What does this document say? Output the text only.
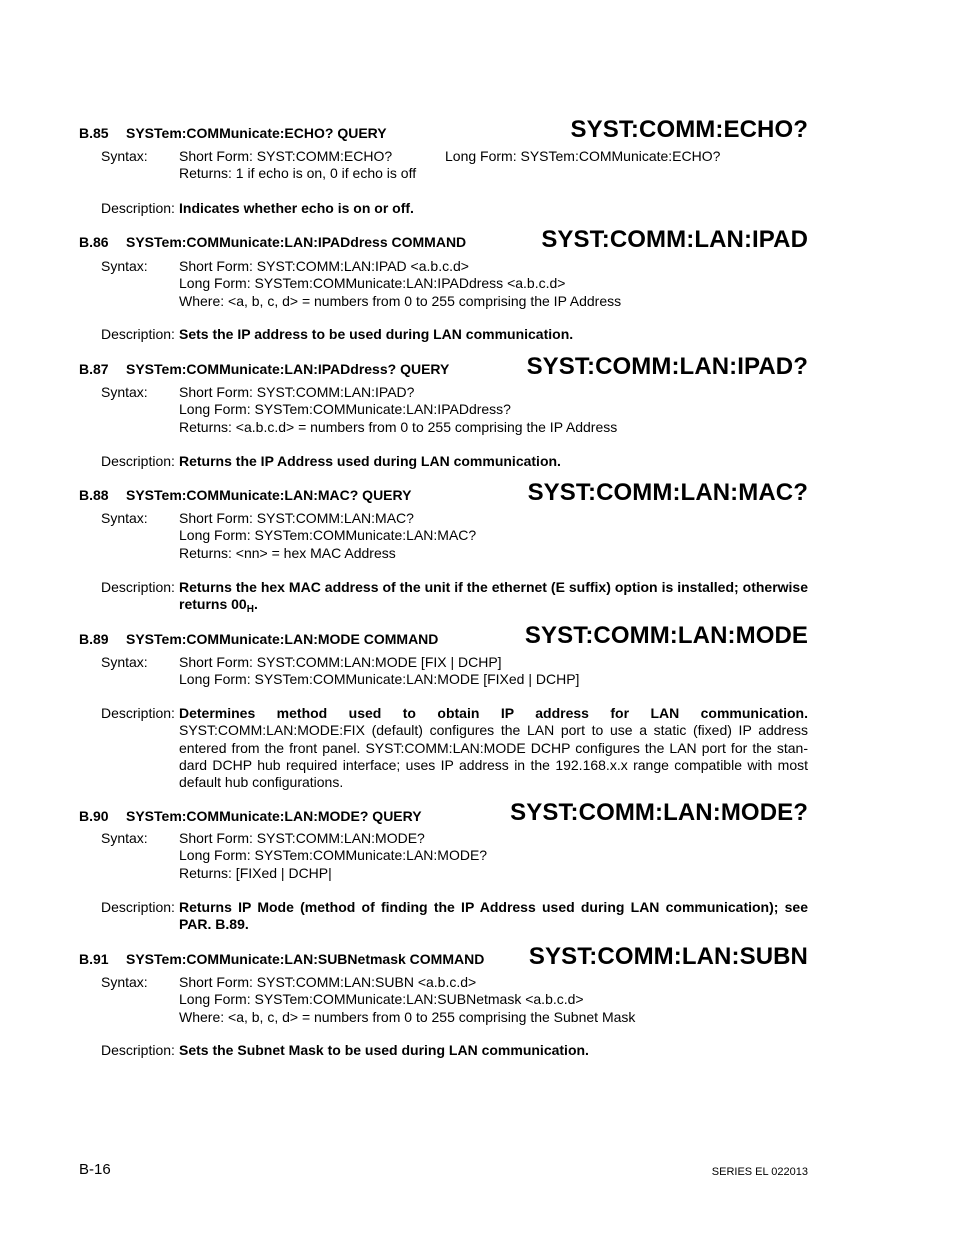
B.85 SYSTem:COMMunicate:ECHO? QUERY	SYST:COMM:ECHO?
Syntax: Short Form: SYST:COMM:ECHO?
Returns: 1 if echo is on, 0 if echo is off
Long Form: SYSTem:COMMunicate:ECHO?
Description: Indicates whether echo is on or off.
B.86 SYSTem:COMMunicate:LAN:IPADdress COMMAND	SYST:COMM:LAN:IPAD
Syntax: Short Form: SYST:COMM:LAN:IPAD <a.b.c.d>
Long Form: SYSTem:COMMunicate:LAN:IPADdress <a.b.c.d>
Where: <a, b, c, d> = numbers from 0 to 255 comprising the IP Address
Description: Sets the IP address to be used during LAN communication.
B.87 SYSTem:COMMunicate:LAN:IPADdress? QUERY	SYST:COMM:LAN:IPAD?
Syntax: Short Form: SYST:COMM:LAN:IPAD?
Long Form: SYSTem:COMMunicate:LAN:IPADdress?
Returns: <a.b.c.d> = numbers from 0 to 255 comprising the IP Address
Description: Returns the IP Address used during LAN communication.
B.88 SYSTem:COMMunicate:LAN:MAC? QUERY	SYST:COMM:LAN:MAC?
Syntax: Short Form: SYST:COMM:LAN:MAC?
Long Form: SYSTem:COMMunicate:LAN:MAC?
Returns: <nn> = hex MAC Address
Description: Returns the hex MAC address of the unit if the ethernet (E suffix) option is installed; otherwise returns $00_H$.
B.89 SYSTem:COMMunicate:LAN:MODE COMMAND	SYST:COMM:LAN:MODE
Syntax: Short Form: SYST:COMM:LAN:MODE [FIX | DCHP]
Long Form: SYSTem:COMMunicate:LAN:MODE [FIXed | DCHP]
Description: Determines method used to obtain IP address for LAN communication. SYST:COMM:LAN:MODE:FIX (default) configures the LAN port to use a static (fixed) IP address entered from the front panel. SYST:COMM:LAN:MODE DCHP configures the LAN port for the stan-dard DCHP hub required interface; uses IP address in the 192.168.x.x range compatible with most default hub configurations.
B.90 SYSTem:COMMunicate:LAN:MODE? QUERY	SYST:COMM:LAN:MODE?
Syntax: Short Form: SYST:COMM:LAN:MODE?
Long Form: SYSTem:COMMunicate:LAN:MODE?
Returns: [FIXed | DCHP|
Description: Returns IP Mode (method of finding the IP Address used during LAN communication); see PAR. B.89.
B.91 SYSTem:COMMunicate:LAN:SUBNetmask COMMAND SYST:COMM:LAN:SUBN
Syntax: Short Form: SYST:COMM:LAN:SUBN <a.b.c.d>
Long Form: SYSTem:COMMunicate:LAN:SUBNetmask <a.b.c.d>
Where: <a, b, c, d> = numbers from 0 to 255 comprising the Subnet Mask
Description: Sets the Subnet Mask to be used during LAN communication.
B-16	SERIES EL 022013
